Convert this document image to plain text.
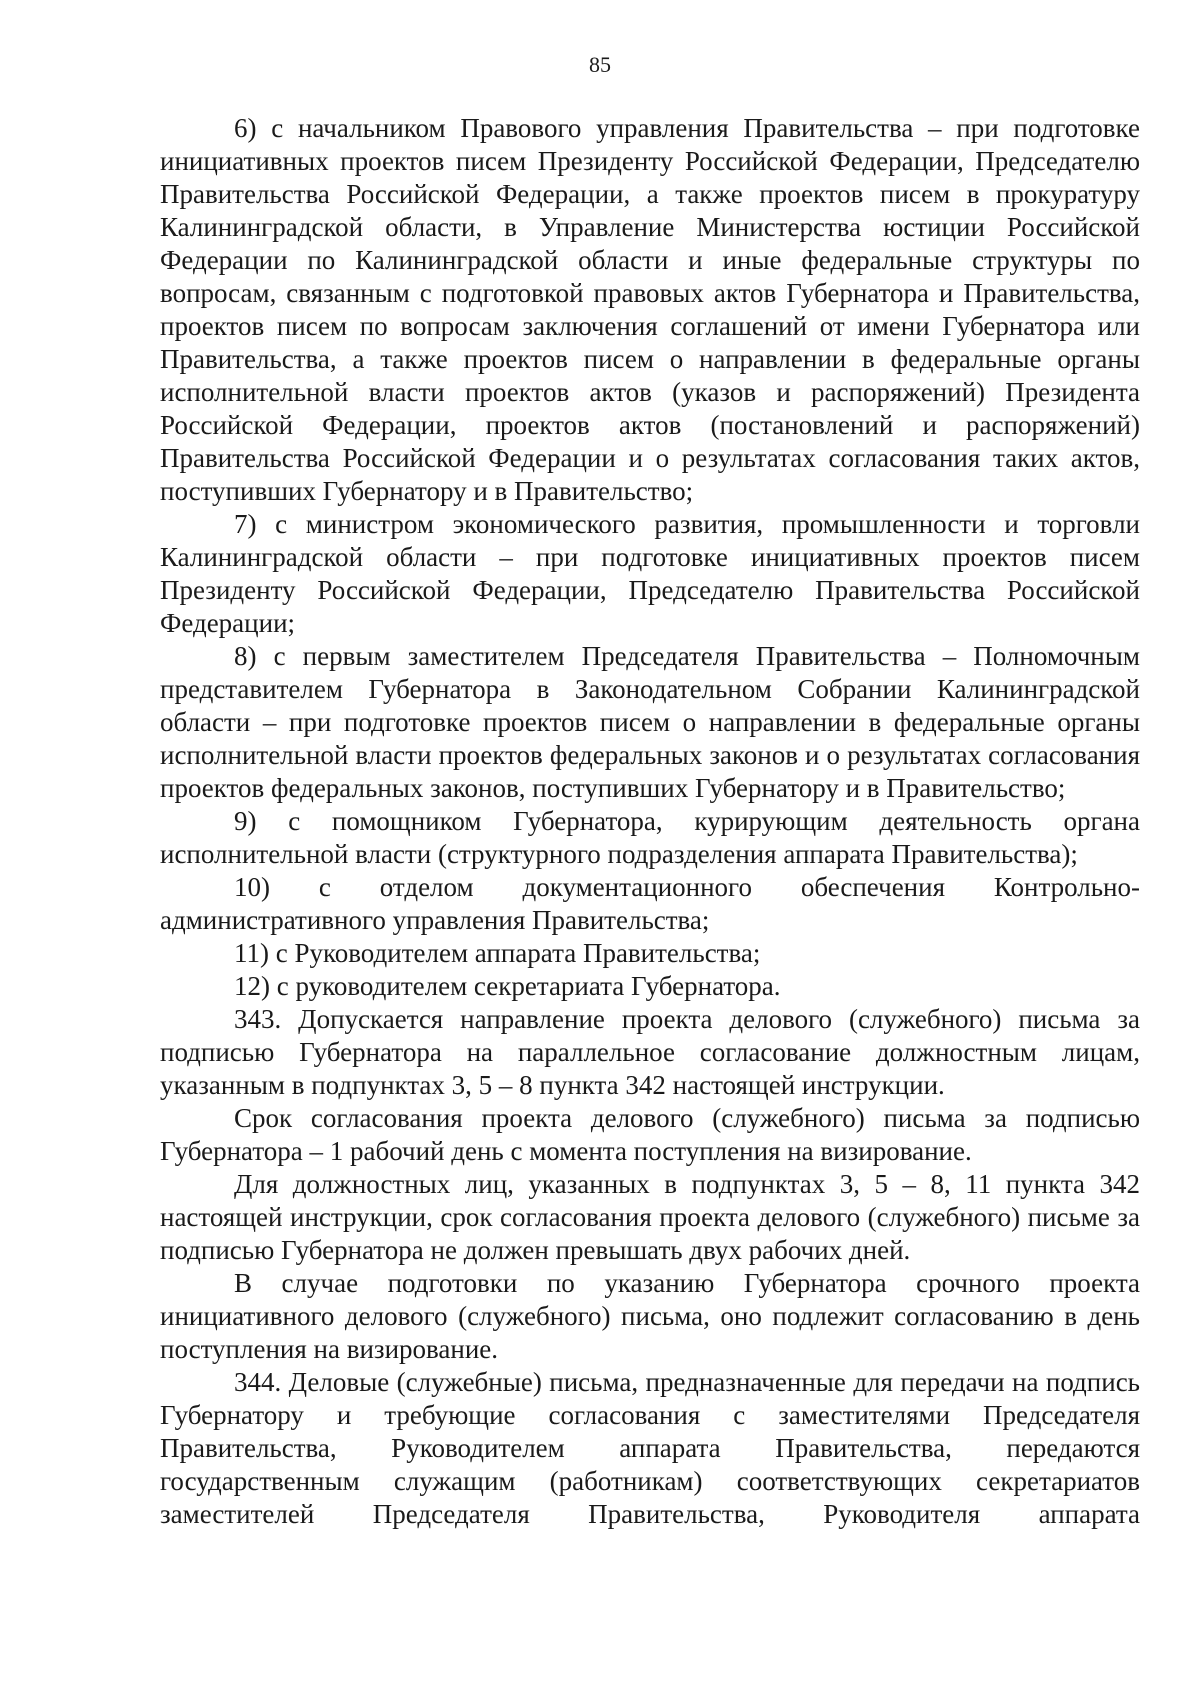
85

6) с начальником Правового управления Правительства – при подготовке инициативных проектов писем Президенту Российской Федерации, Председателю Правительства Российской Федерации, а также проектов писем в прокуратуру Калининградской области, в Управление Министерства юстиции Российской Федерации по Калининградской области и иные федеральные структуры по вопросам, связанным с подготовкой правовых актов Губернатора и Правительства, проектов писем по вопросам заключения соглашений от имени Губернатора или Правительства, а также проектов писем о направлении в федеральные органы исполнительной власти проектов актов (указов и распоряжений) Президента Российской Федерации, проектов актов (постановлений и распоряжений) Правительства Российской Федерации и о результатах согласования таких актов, поступивших Губернатору и в Правительство;

7) с министром экономического развития, промышленности и торговли Калининградской области – при подготовке инициативных проектов писем Президенту Российской Федерации, Председателю Правительства Российской Федерации;

8) с первым заместителем Председателя Правительства – Полномочным представителем Губернатора в Законодательном Собрании Калининградской области – при подготовке проектов писем о направлении в федеральные органы исполнительной власти проектов федеральных законов и о результатах согласования проектов федеральных законов, поступивших Губернатору и в Правительство;

9) с помощником Губернатора, курирующим деятельность органа исполнительной власти (структурного подразделения аппарата Правительства);

10) с отделом документационного обеспечения Контрольно-административного управления Правительства;

11) с Руководителем аппарата Правительства;

12) с руководителем секретариата Губернатора.

343. Допускается направление проекта делового (служебного) письма за подписью Губернатора на параллельное согласование должностным лицам, указанным в подпунктах 3, 5 – 8 пункта 342 настоящей инструкции.

Срок согласования проекта делового (служебного) письма за подписью Губернатора – 1 рабочий день с момента поступления на визирование.

Для должностных лиц, указанных в подпунктах 3, 5 – 8, 11 пункта 342 настоящей инструкции, срок согласования проекта делового (служебного) письме за подписью Губернатора не должен превышать двух рабочих дней.

В случае подготовки по указанию Губернатора срочного проекта инициативного делового (служебного) письма, оно подлежит согласованию в день поступления на визирование.

344. Деловые (служебные) письма, предназначенные для передачи на подпись Губернатору и требующие согласования с заместителями Председателя Правительства, Руководителем аппарата Правительства, передаются государственным служащим (работникам) соответствующих секретариатов заместителей Председателя Правительства, Руководителя аппарата
